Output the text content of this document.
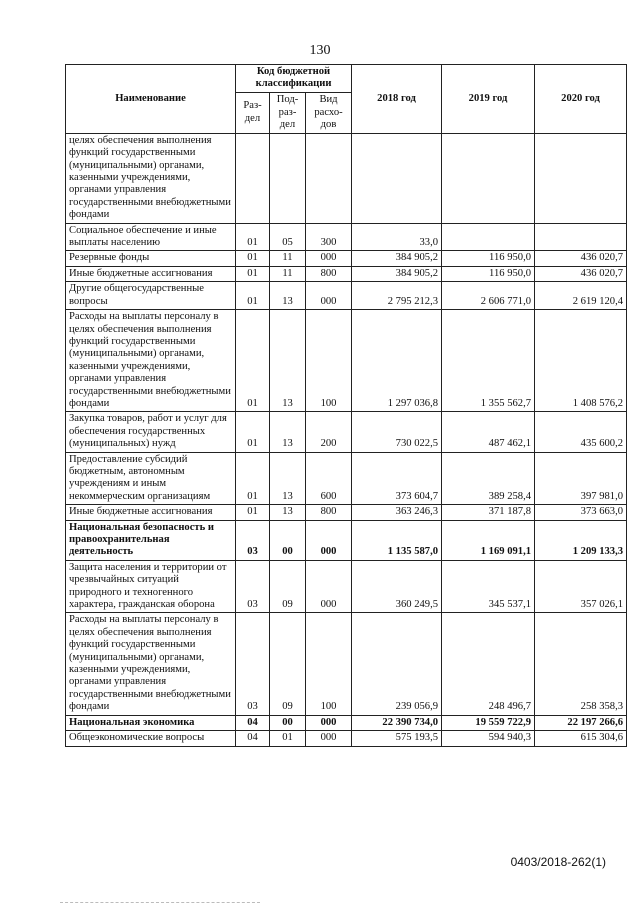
130
Наименование	Код бюджетной классификации			2018 год	2019 год	2020 год
	Раз-дел	Под-раз-дел	Вид расхо-дов			
целях обеспечения выполнения функций государственными (муниципальными) органами, казенными учреждениями, органами управления государственными внебюджетными фондами						
Социальное обеспечение и иные выплаты населению	01	05	300	33,0		
Резервные фонды	01	11	000	384 905,2	116 950,0	436 020,7
Иные бюджетные ассигнования	01	11	800	384 905,2	116 950,0	436 020,7
Другие общегосударственные вопросы	01	13	000	2 795 212,3	2 606 771,0	2 619 120,4
Расходы на выплаты персоналу в целях обеспечения выполнения функций государственными (муниципальными) органами, казенными учреждениями, органами управления государственными внебюджетными фондами	01	13	100	1 297 036,8	1 355 562,7	1 408 576,2
Закупка товаров, работ и услуг для обеспечения государственных (муниципальных) нужд	01	13	200	730 022,5	487 462,1	435 600,2
Предоставление субсидий бюджетным, автономным учреждениям и иным некоммерческим организациям	01	13	600	373 604,7	389 258,4	397 981,0
Иные бюджетные ассигнования	01	13	800	363 246,3	371 187,8	373 663,0
Национальная безопасность и правоохранительная деятельность	03	00	000	1 135 587,0	1 169 091,1	1 209 133,3
Защита населения и территории от чрезвычайных ситуаций природного и техногенного характера, гражданская оборона	03	09	000	360 249,5	345 537,1	357 026,1
Расходы на выплаты персоналу в целях обеспечения выполнения функций государственными (муниципальными) органами, казенными учреждениями, органами управления государственными внебюджетными фондами	03	09	100	239 056,9	248 496,7	258 358,3
Национальная экономика	04	00	000	22 390 734,0	19 559 722,9	22 197 266,6
Общеэкономические вопросы	04	01	000	575 193,5	594 940,3	615 304,6
0403/2018-262(1)
